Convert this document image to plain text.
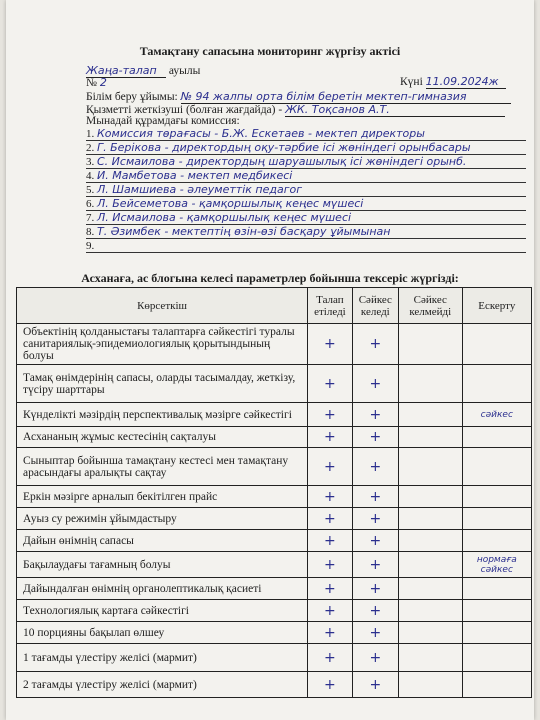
Тамақтану сапасына мониторинг жүргізу актісі
Жаңа-талап ауылы
№ 2	Күні 11.09.2024ж
Білім беру ұйымы: № 94 жалпы орта білім беретін мектеп-гимназия
Қызметті жеткізуші (болған жағдайда) - ЖК. Тоқсанов А.Т.
Мынадай құрамдағы комиссия:
1. Комиссия төрағасы - Б.Ж. Ескетаев - мектеп директоры
2. Г. Берікова - директордың оқу-тәрбие ісі жөніндегі орынбасары
3. С. Исмаилова - директордың шаруашылық ісі жөніндегі орынб.
4. И. Мамбетова - мектеп медбикесі
5. Л. Шамшиева - әлеуметтік педагог
6. Л. Бейсеметова - қамқоршылық кеңес мүшесі
7. Л. Исмаилова - қамқоршылық кеңес мүшесі
8. Т. Әзимбек - мектептің өзін-өзі басқару ұйымынан
9.
Асханаға, ас блогына келесі параметрлер бойынша тексеріс жүргізді:
Көрсеткіш	Талап етіледі	Сәйкес келеді	Сәйкес келмейді	Ескерту
Объектінің қолданыстағы талаптарға сәйкестігі туралы санитариялық-эпидемиологиялық қорытындының болуы	+	+		
Тамақ өнімдерінің сапасы, оларды тасымалдау, жеткізу, түсіру шарттары	+	+		
Күнделікті мәзірдің перспективалық мәзірге сәйкестігі	+	+		сәйкес
Асхананың жұмыс кестесінің сақталуы	+	+		
Сыныптар бойынша тамақтану кестесі мен тамақтану арасындағы аралықты сақтау	+	+		
Еркін мәзірге арналып бекітілген прайс	+	+		
Ауыз су режимін ұйымдастыру	+	+		
Дайын өнімнің сапасы	+	+		
Бақылаудағы тағамның болуы	+	+		нормаға сәйкес
Дайындалған өнімнің органолептикалық қасиеті	+	+		
Технологиялық картаға сәйкестігі	+	+		
10 порцияны бақылап өлшеу	+	+		
1 тағамды үлестіру желісі (мармит)	+	+		
2 тағамды үлестіру желісі (мармит)	+	+		
